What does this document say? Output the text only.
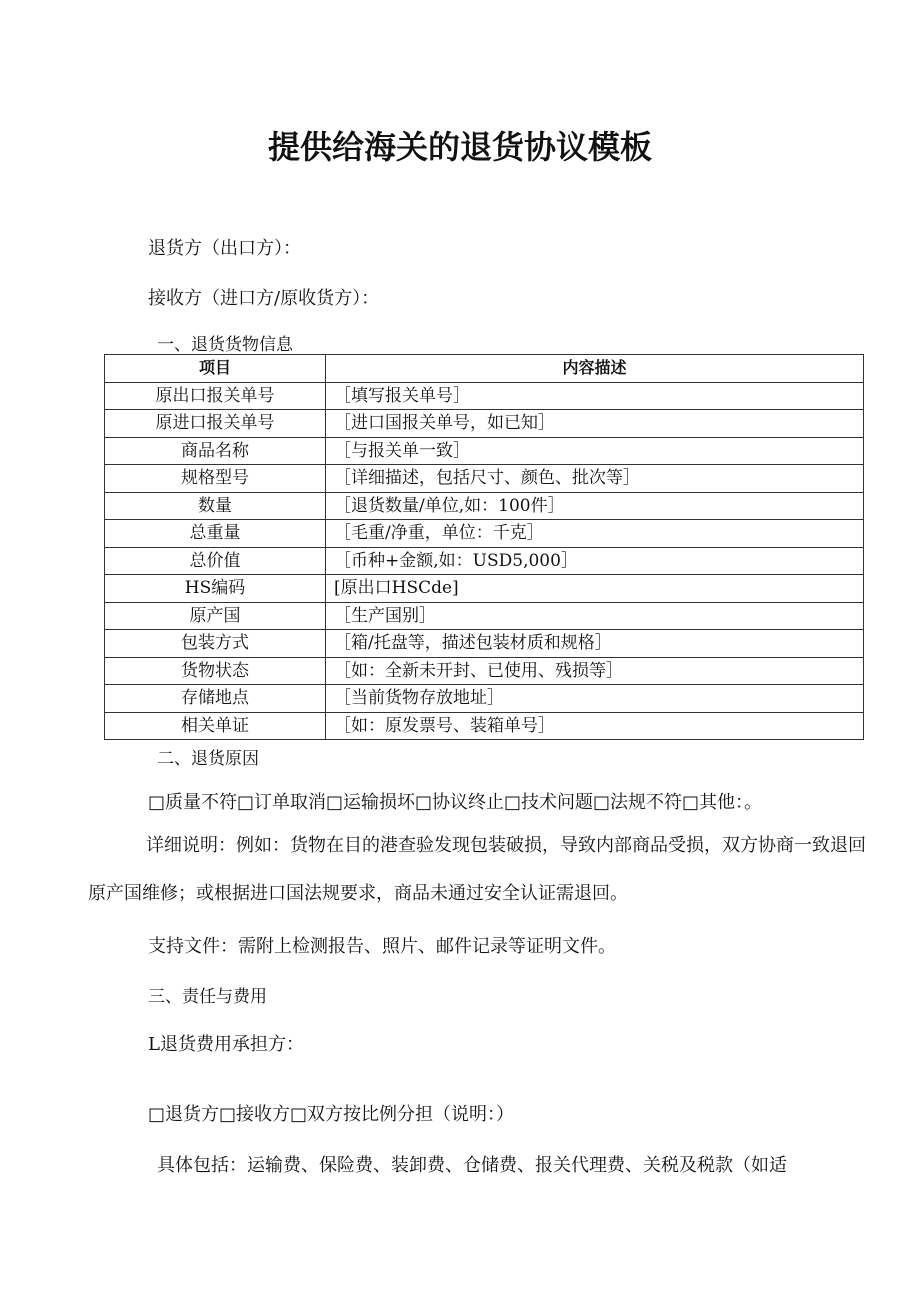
提供给海关的退货协议模板
退货方（出口方）：
接收方（进口方/原收货方）：
一、退货货物信息
项目	内容描述
原出口报关单号	［填写报关单号］
原进口报关单号	［进口国报关单号，如已知］
商品名称	［与报关单一致］
规格型号	［详细描述，包括尺寸、颜色、批次等］
数量	［退货数量/单位,如：100件］
总重量	［毛重/净重，单位：千克］
总价值	［币种+金额,如：USD5,000］
HS编码	[原出口HSCde]
原产国	［生产国别］
包装方式	［箱/托盘等，描述包装材质和规格］
货物状态	［如：全新未开封、已使用、残损等］
存储地点	［当前货物存放地址］
相关单证	［如：原发票号、装箱单号］
二、退货原因
□质量不符□订单取消□运输损坏□协议终止□技术问题□法规不符□其他：。
详细说明：例如：货物在目的港查验发现包装破损，导致内部商品受损，双方协商一致退回原产国维修；或根据进口国法规要求，商品未通过安全认证需退回。
支持文件：需附上检测报告、照片、邮件记录等证明文件。
三、责任与费用
L退货费用承担方：
□退货方□接收方□双方按比例分担（说明：）
具体包括：运输费、保险费、装卸费、仓储费、报关代理费、关税及税款（如适
